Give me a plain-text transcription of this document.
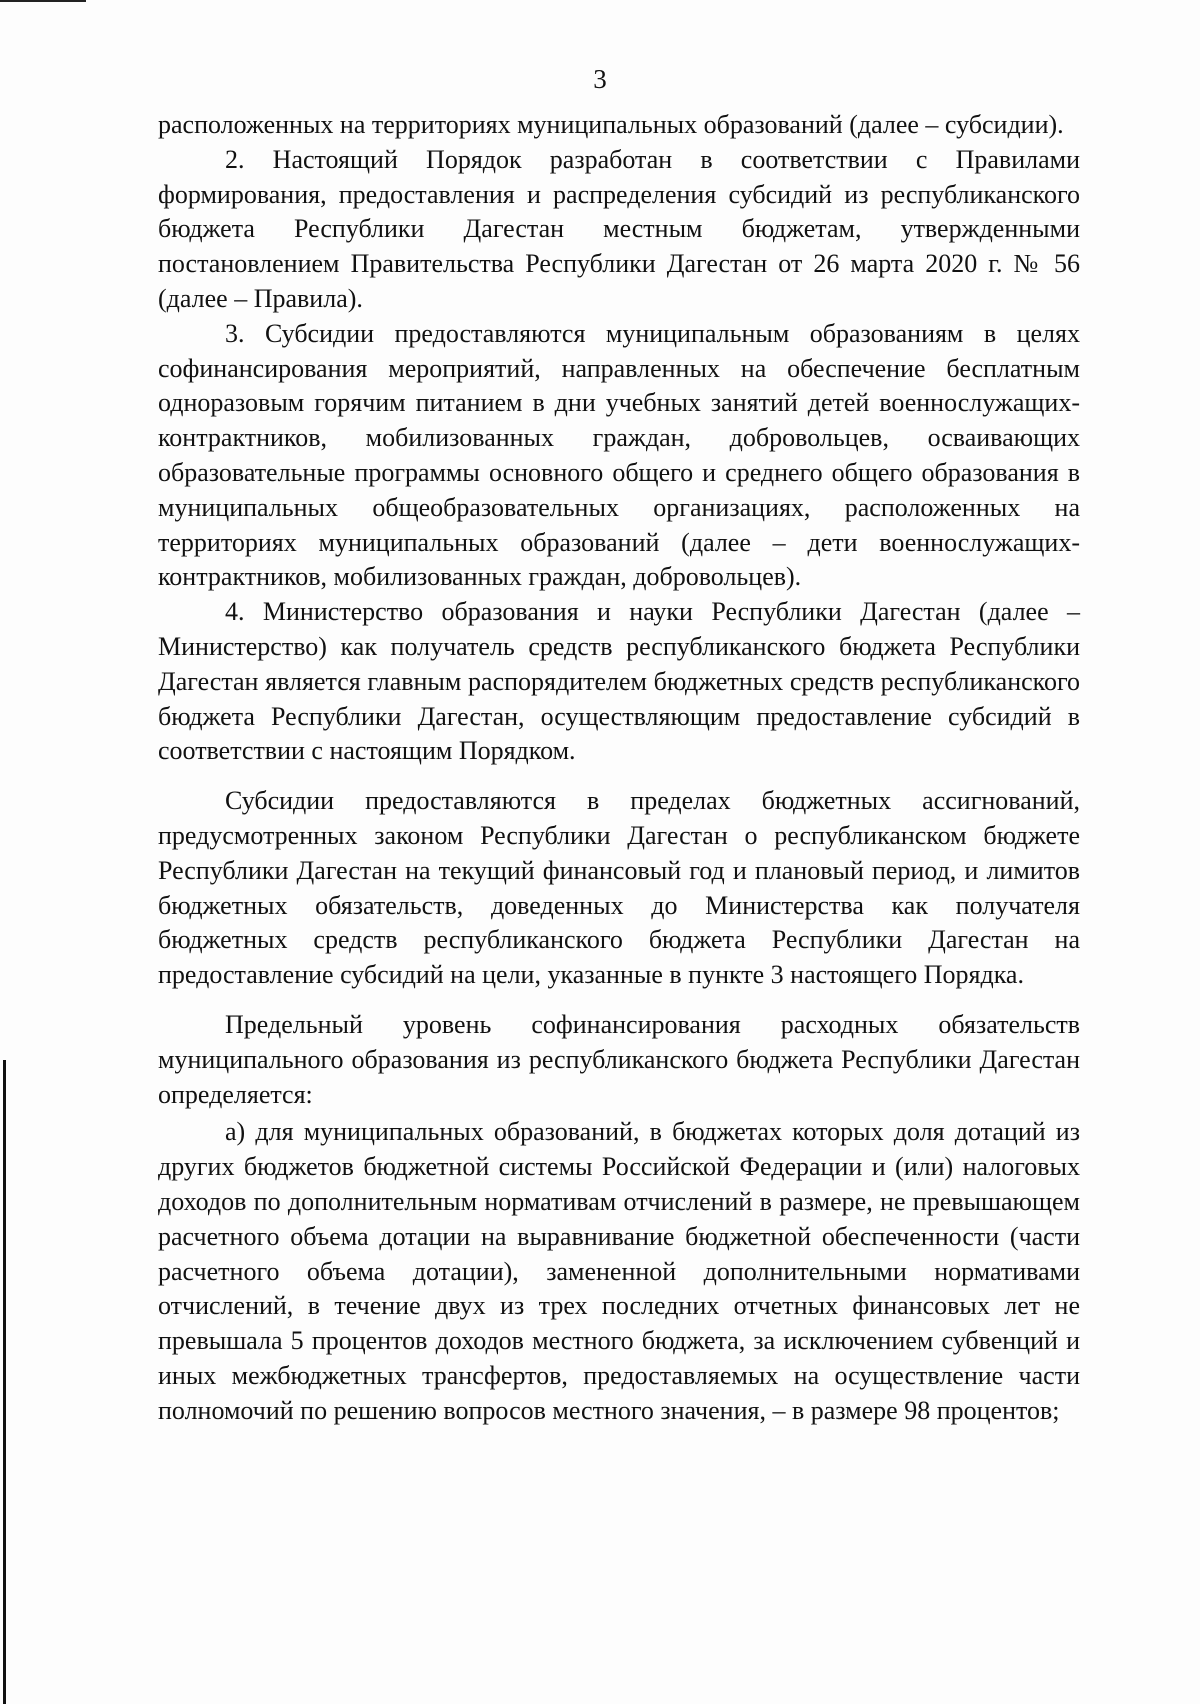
3

расположенных на территориях муниципальных образований (далее – субсидии).

2. Настоящий Порядок разработан в соответствии с Правилами формирования, предоставления и распределения субсидий из республиканского бюджета Республики Дагестан местным бюджетам, утвержденными постановлением Правительства Республики Дагестан от 26 марта 2020 г. № 56 (далее – Правила).

3. Субсидии предоставляются муниципальным образованиям в целях софинансирования мероприятий, направленных на обеспечение бесплатным одноразовым горячим питанием в дни учебных занятий детей военнослужащих-контрактников, мобилизованных граждан, добровольцев, осваивающих образовательные программы основного общего и среднего общего образования в муниципальных общеобразовательных организациях, расположенных на территориях муниципальных образований (далее – дети военнослужащих-контрактников, мобилизованных граждан, добровольцев).

4. Министерство образования и науки Республики Дагестан (далее – Министерство) как получатель средств республиканского бюджета Республики Дагестан является главным распорядителем бюджетных средств республиканского бюджета Республики Дагестан, осуществляющим предоставление субсидий в соответствии с настоящим Порядком.

Субсидии предоставляются в пределах бюджетных ассигнований, предусмотренных законом Республики Дагестан о республиканском бюджете Республики Дагестан на текущий финансовый год и плановый период, и лимитов бюджетных обязательств, доведенных до Министерства как получателя бюджетных средств республиканского бюджета Республики Дагестан на предоставление субсидий на цели, указанные в пункте 3 настоящего Порядка.

Предельный уровень софинансирования расходных обязательств муниципального образования из республиканского бюджета Республики Дагестан определяется:

а) для муниципальных образований, в бюджетах которых доля дотаций из других бюджетов бюджетной системы Российской Федерации и (или) налоговых доходов по дополнительным нормативам отчислений в размере, не превышающем расчетного объема дотации на выравнивание бюджетной обеспеченности (части расчетного объема дотации), замененной дополнительными нормативами отчислений, в течение двух из трех последних отчетных финансовых лет не превышала 5 процентов доходов местного бюджета, за исключением субвенций и иных межбюджетных трансфертов, предоставляемых на осуществление части полномочий по решению вопросов местного значения, – в размере 98 процентов;
